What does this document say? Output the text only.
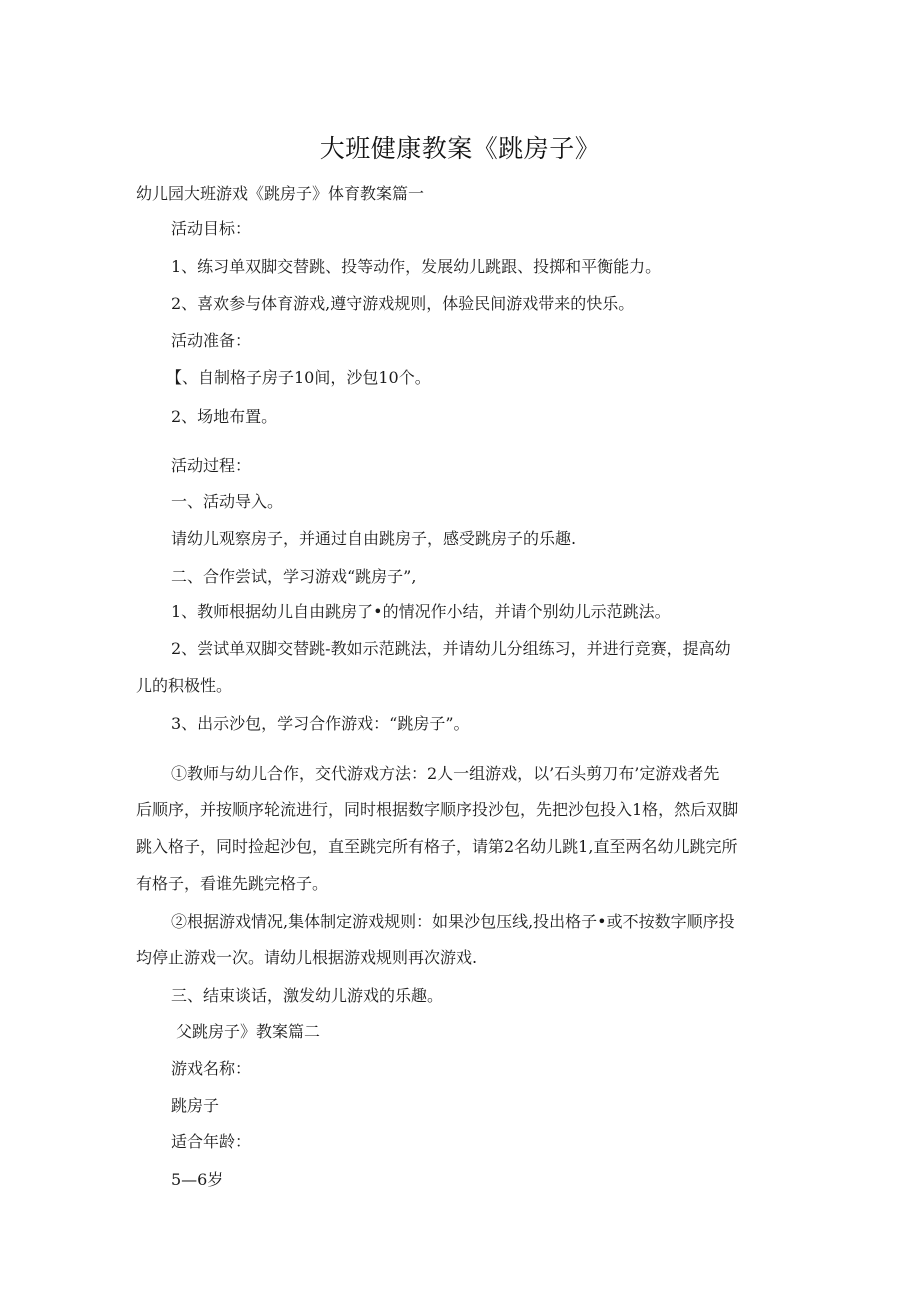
大班健康教案《跳房子》
幼儿园大班游戏《跳房子》体育教案篇一
活动目标：
1、练习单双脚交替跳、投等动作，发展幼儿跳跟、投掷和平衡能力。
2、喜欢参与体育游戏,遵守游戏规则，体验民间游戏带来的快乐。
活动准备：
【、自制格子房子10间，沙包10个。
2、场地布置。
活动过程：
一、活动导入。
请幼儿观察房子，并通过自由跳房子，感受跳房子的乐趣.
二、合作尝试，学习游戏“跳房子”,
1、教师根据幼儿自由跳房了•的情况作小结，并请个别幼儿示范跳法。
2、尝试单双脚交替跳-教如示范跳法，并请幼儿分组练习，并进行竞赛，提高幼
儿的积极性。
3、出示沙包，学习合作游戏：“跳房子”。
①教师与幼儿合作，交代游戏方法：2人一组游戏，以’石头剪刀布’定游戏者先
后顺序，并按顺序轮流进行，同时根据数字顺序投沙包，先把沙包投入1格，然后双脚
跳入格子，同时捡起沙包，直至跳完所有格子，请第2名幼儿跳1,直至两名幼儿跳完所
有格子，看谁先跳完格子。
②根据游戏情况,集体制定游戏规则：如果沙包压线,投出格子•或不按数字顺序投
均停止游戏一次。请幼儿根据游戏规则再次游戏.
三、结束谈话，激发幼儿游戏的乐趣。
父跳房子》教案篇二
游戏名称：
跳房子
适合年龄：
5—6岁
